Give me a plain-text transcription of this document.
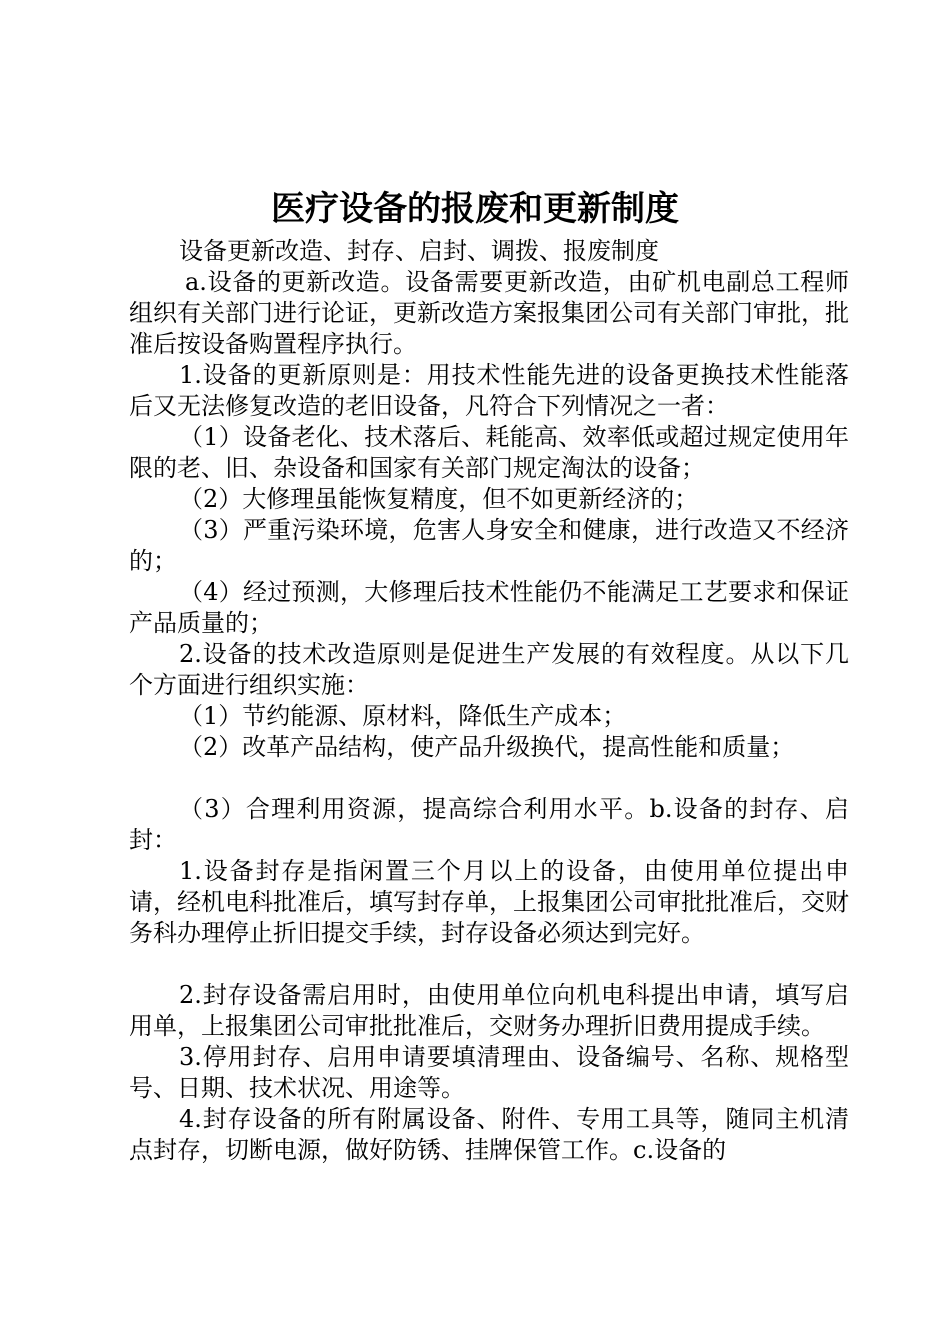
医疗设备的报废和更新制度

设备更新改造、封存、启封、调拨、报废制度

a.设备的更新改造。设备需要更新改造，由矿机电副总工程师组织有关部门进行论证，更新改造方案报集团公司有关部门审批，批准后按设备购置程序执行。

1.设备的更新原则是：用技术性能先进的设备更换技术性能落后又无法修复改造的老旧设备，凡符合下列情况之一者：

（1）设备老化、技术落后、耗能高、效率低或超过规定使用年限的老、旧、杂设备和国家有关部门规定淘汰的设备；

（2）大修理虽能恢复精度，但不如更新经济的；

（3）严重污染环境，危害人身安全和健康，进行改造又不经济的；

（4）经过预测，大修理后技术性能仍不能满足工艺要求和保证产品质量的；

2.设备的技术改造原则是促进生产发展的有效程度。从以下几个方面进行组织实施：

（1）节约能源、原材料，降低生产成本；

（2）改革产品结构，使产品升级换代，提高性能和质量；

（3）合理利用资源，提高综合利用水平。b.设备的封存、启封：

1.设备封存是指闲置三个月以上的设备，由使用单位提出申请，经机电科批准后，填写封存单，上报集团公司审批批准后，交财务科办理停止折旧提交手续，封存设备必须达到完好。

2.封存设备需启用时，由使用单位向机电科提出申请，填写启用单，上报集团公司审批批准后，交财务办理折旧费用提成手续。

3.停用封存、启用申请要填清理由、设备编号、名称、规格型号、日期、技术状况、用途等。

4.封存设备的所有附属设备、附件、专用工具等，随同主机清点封存，切断电源，做好防锈、挂牌保管工作。c.设备的
